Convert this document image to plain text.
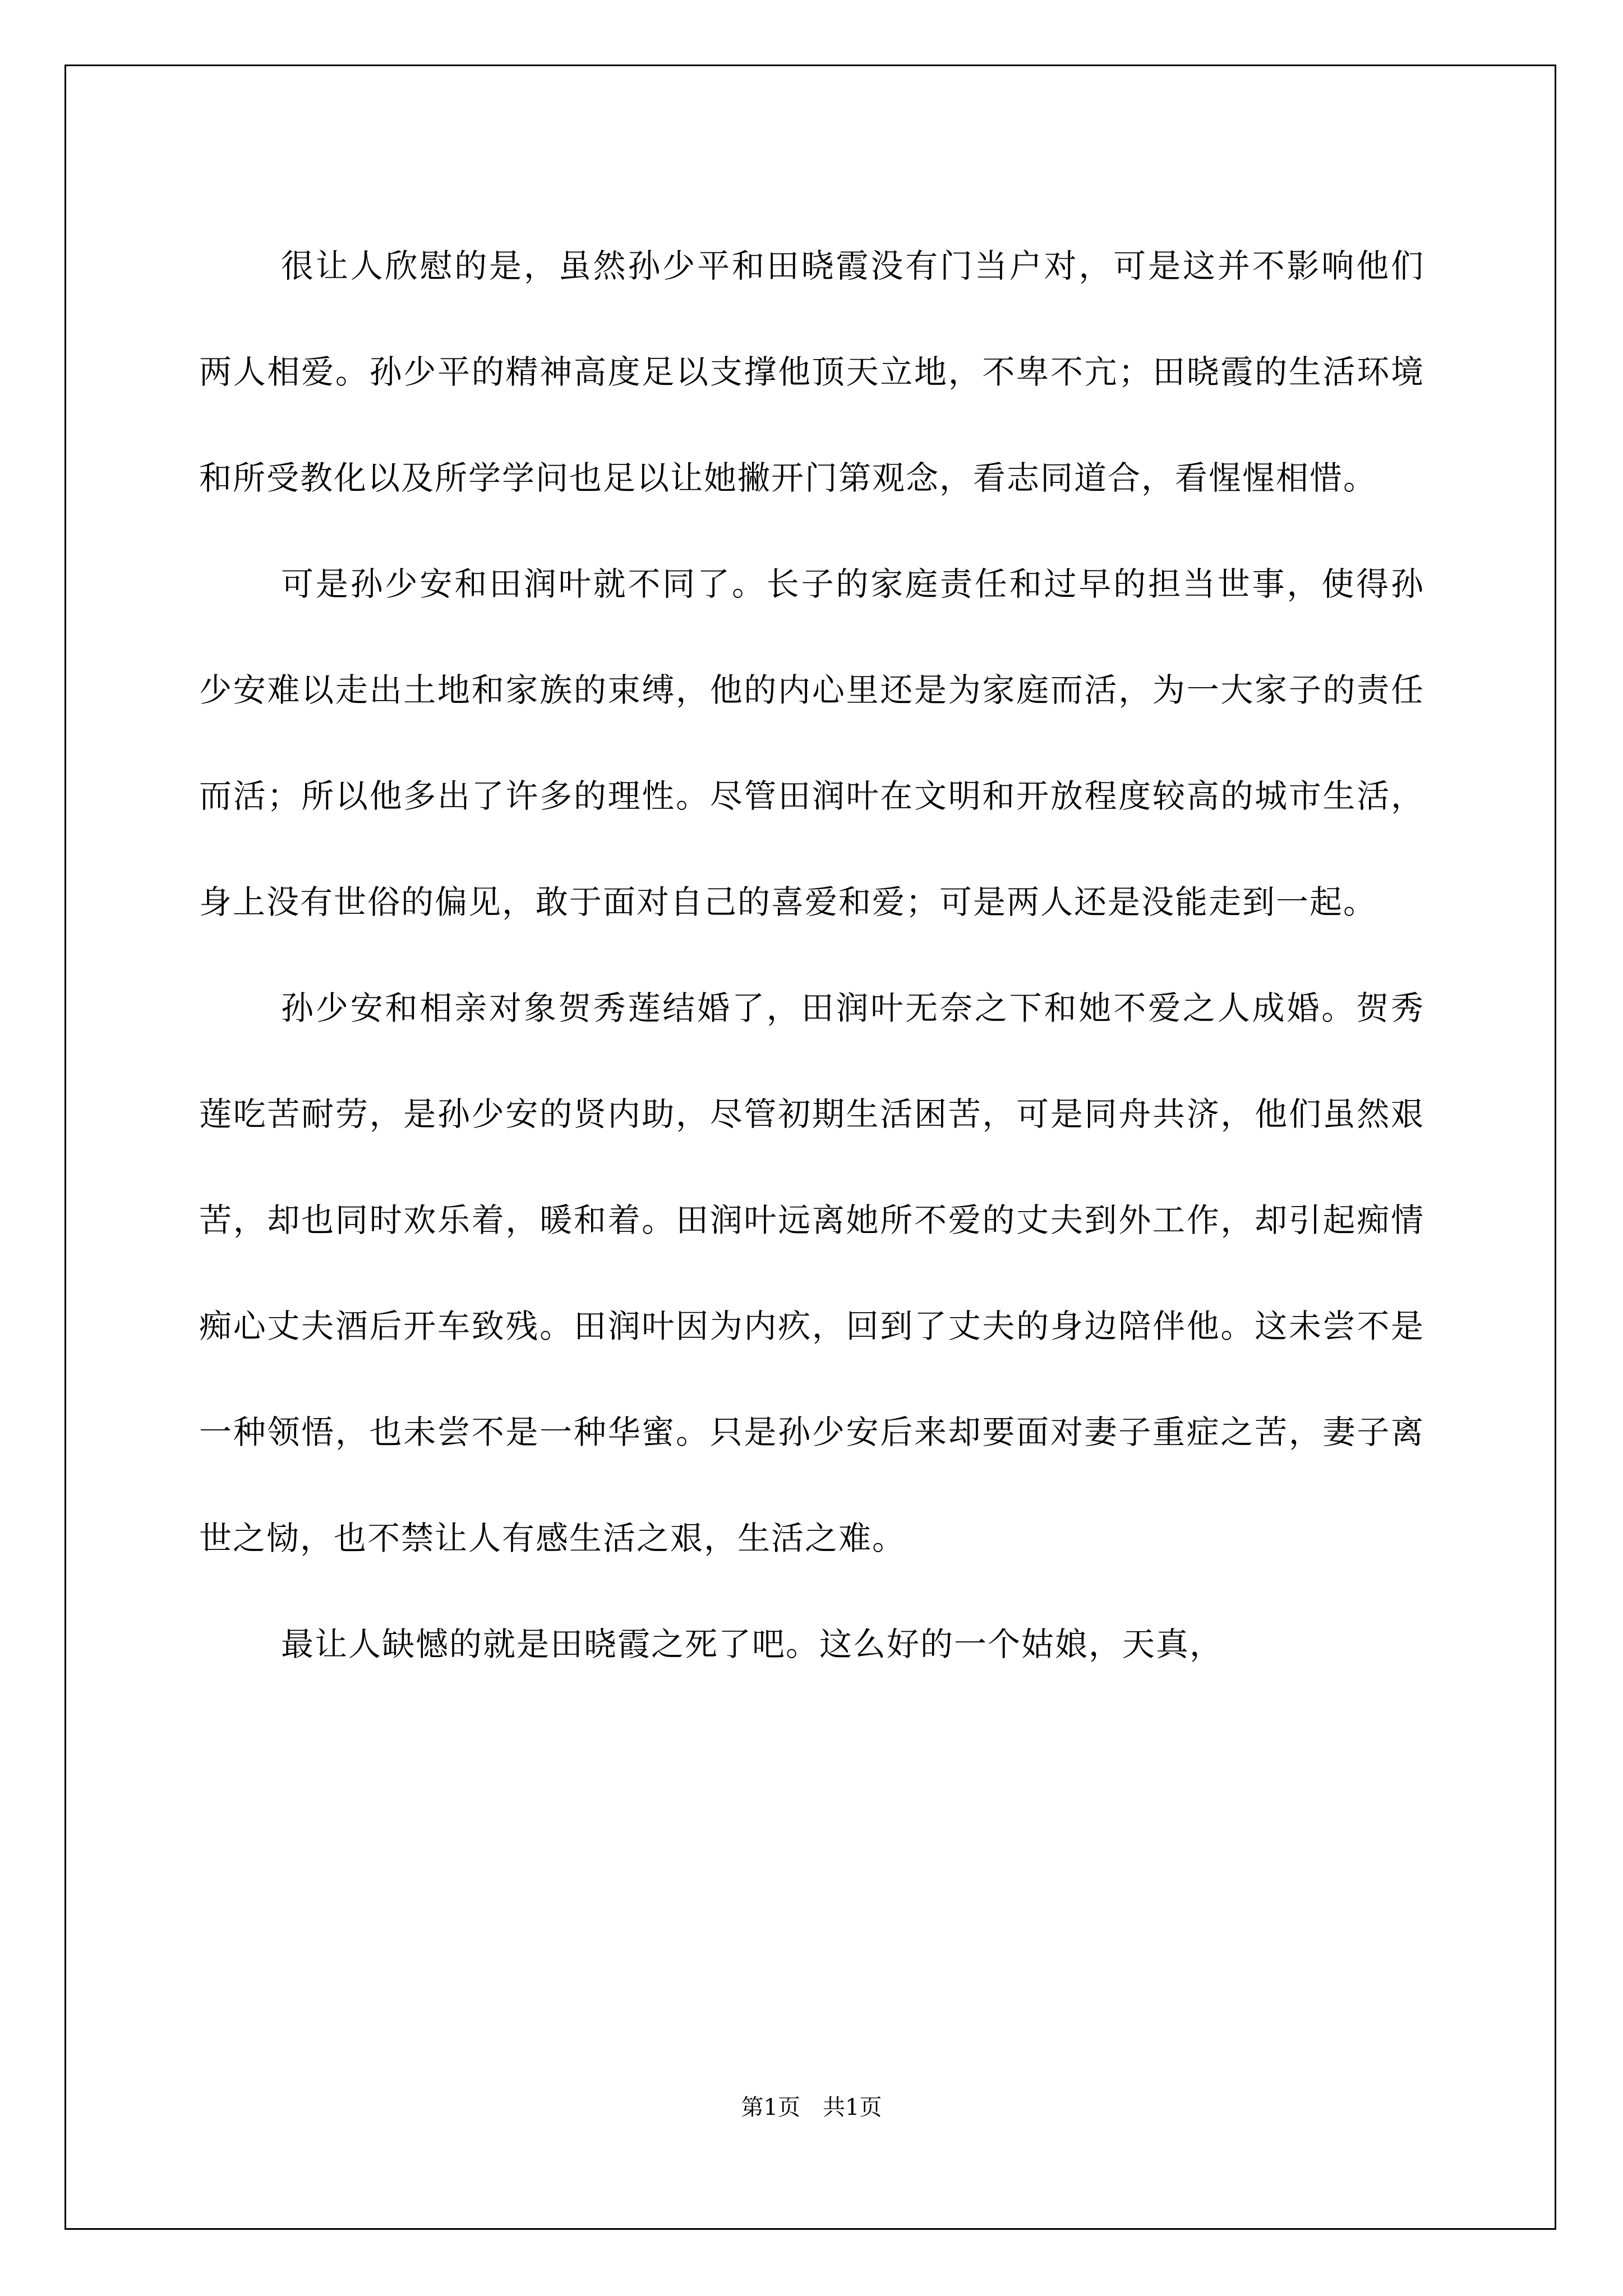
很让人欣慰的是，虽然孙少平和田晓霞没有门当户对，可是这并不影响他们两人相爱。孙少平的精神高度足以支撑他顶天立地，不卑不亢；田晓霞的生活环境和所受教化以及所学学问也足以让她撇开门第观念，看志同道合，看惺惺相惜。

可是孙少安和田润叶就不同了。长子的家庭责任和过早的担当世事，使得孙少安难以走出土地和家族的束缚，他的内心里还是为家庭而活，为一大家子的责任而活；所以他多出了许多的理性。尽管田润叶在文明和开放程度较高的城市生活，身上没有世俗的偏见，敢于面对自己的喜爱和爱；可是两人还是没能走到一起。

孙少安和相亲对象贺秀莲结婚了，田润叶无奈之下和她不爱之人成婚。贺秀莲吃苦耐劳，是孙少安的贤内助，尽管初期生活困苦，可是同舟共济，他们虽然艰苦，却也同时欢乐着，暖和着。田润叶远离她所不爱的丈夫到外工作，却引起痴情痴心丈夫酒后开车致残。田润叶因为内疚，回到了丈夫的身边陪伴他。这未尝不是一种领悟，也未尝不是一种华蜜。只是孙少安后来却要面对妻子重症之苦，妻子离世之恸，也不禁让人有感生活之艰，生活之难。

最让人缺憾的就是田晓霞之死了吧。这么好的一个姑娘，天真，

第1页　共1页
